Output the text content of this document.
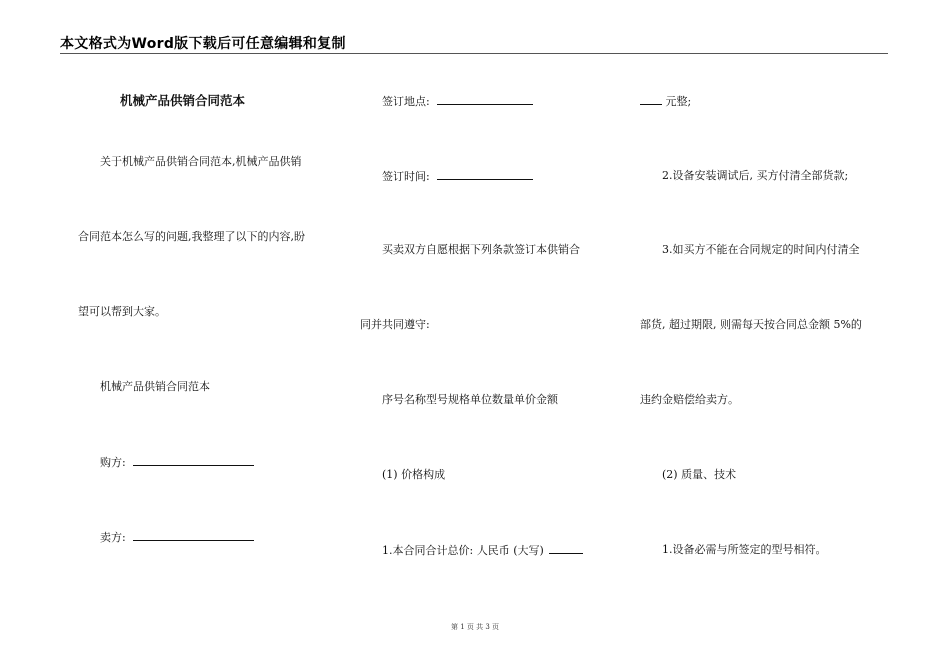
本文格式为Word版下载后可任意编辑和复制
机械产品供销合同范本
关于机械产品供销合同范本,机械产品供销
合同范本怎么写的问题,我整理了以下的内容,盼
望可以帮到大家。
机械产品供销合同范本
购方:
卖方:
签订地点:
签订时间:
买卖双方自愿根据下列条款签订本供销合
同并共同遵守:
序号名称型号规格单位数量单价金额
(1) 价格构成
1.本合同合计总价: 人民币 (大写)
元整;
2.设备安装调试后, 买方付清全部货款;
3.如买方不能在合同规定的时间内付清全
部货, 超过期限, 则需每天按合同总金额 5%的
违约金赔偿给卖方。
(2) 质量、技术
1.设备必需与所签定的型号相符。
第 1 页 共 3 页
